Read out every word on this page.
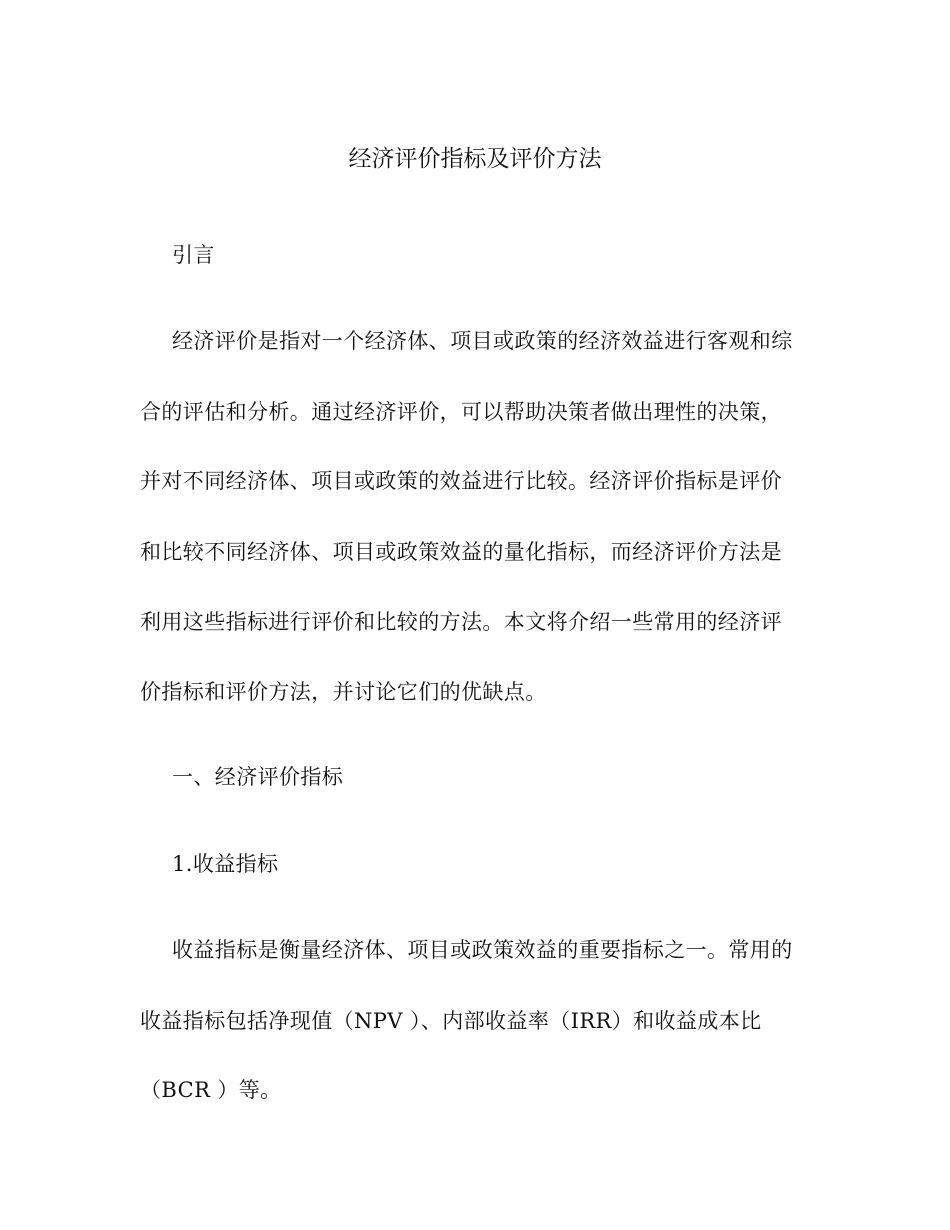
经济评价指标及评价方法
引言
经济评价是指对一个经济体、项目或政策的经济效益进行客观和综
合的评估和分析。通过经济评价，可以帮助决策者做出理性的决策，
并对不同经济体、项目或政策的效益进行比较。经济评价指标是评价
和比较不同经济体、项目或政策效益的量化指标，而经济评价方法是
利用这些指标进行评价和比较的方法。本文将介绍一些常用的经济评
价指标和评价方法，并讨论它们的优缺点。
一、经济评价指标
1.收益指标
收益指标是衡量经济体、项目或政策效益的重要指标之一。常用的
收益指标包括净现值（NPV ）、内部收益率（IRR）和收益成本比
（BCR ）等。
